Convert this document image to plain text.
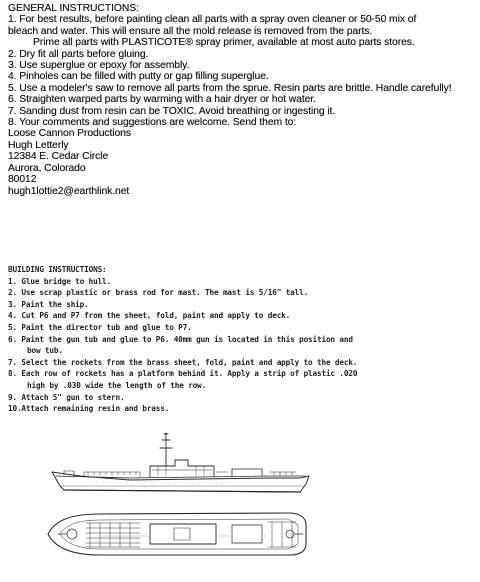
GENERAL INSTRUCTIONS:

1. For best results, before painting clean all parts with a spray oven cleaner or 50-50 mix of

bleach and water. This will ensure all the mold release is removed from the parts.

Prime all parts with PLASTICOTE® spray primer, available at most auto parts stores.

2. Dry fit all parts before gluing.

3. Use superglue or epoxy for assembly.

4. Pinholes can be filled with putty or gap filling superglue.

5. Use a modeler's saw to remove all parts from the sprue. Resin parts are brittle. Handle carefully!

6. Straighten warped parts by warming with a hair dryer or hot water.

7. Sanding dust from resin can be TOXIC. Avoid breathing or ingesting it.

8. Your comments and suggestions are welcome. Send them to:

Loose Cannon Productions

Hugh Letterly

12384 E. Cedar Circle

Aurora, Colorado

80012

hugh1lottie2@earthlink.net

BUILDING INSTRUCTIONS:

1. Glue bridge to hull.

2. Use scrap plastic or brass rod for mast. The mast is 5/16" tall.

3. Paint the ship.

4. Cut P6 and P7 from the sheet, fold, paint and apply to deck.

5. Paint the director tub and glue to P7.

6. Paint the gun tub and glue to P6. 40mm gun is located in this position and

bow tub.

7. Select the rockets from the brass sheet, fold, paint and apply to the deck.

8. Each row of rockets has a platform behind it. Apply a strip of plastic .020

high by .030 wide the length of the row.

9. Attach 5" gun to stern.

10.Attach remaining resin and brass.
